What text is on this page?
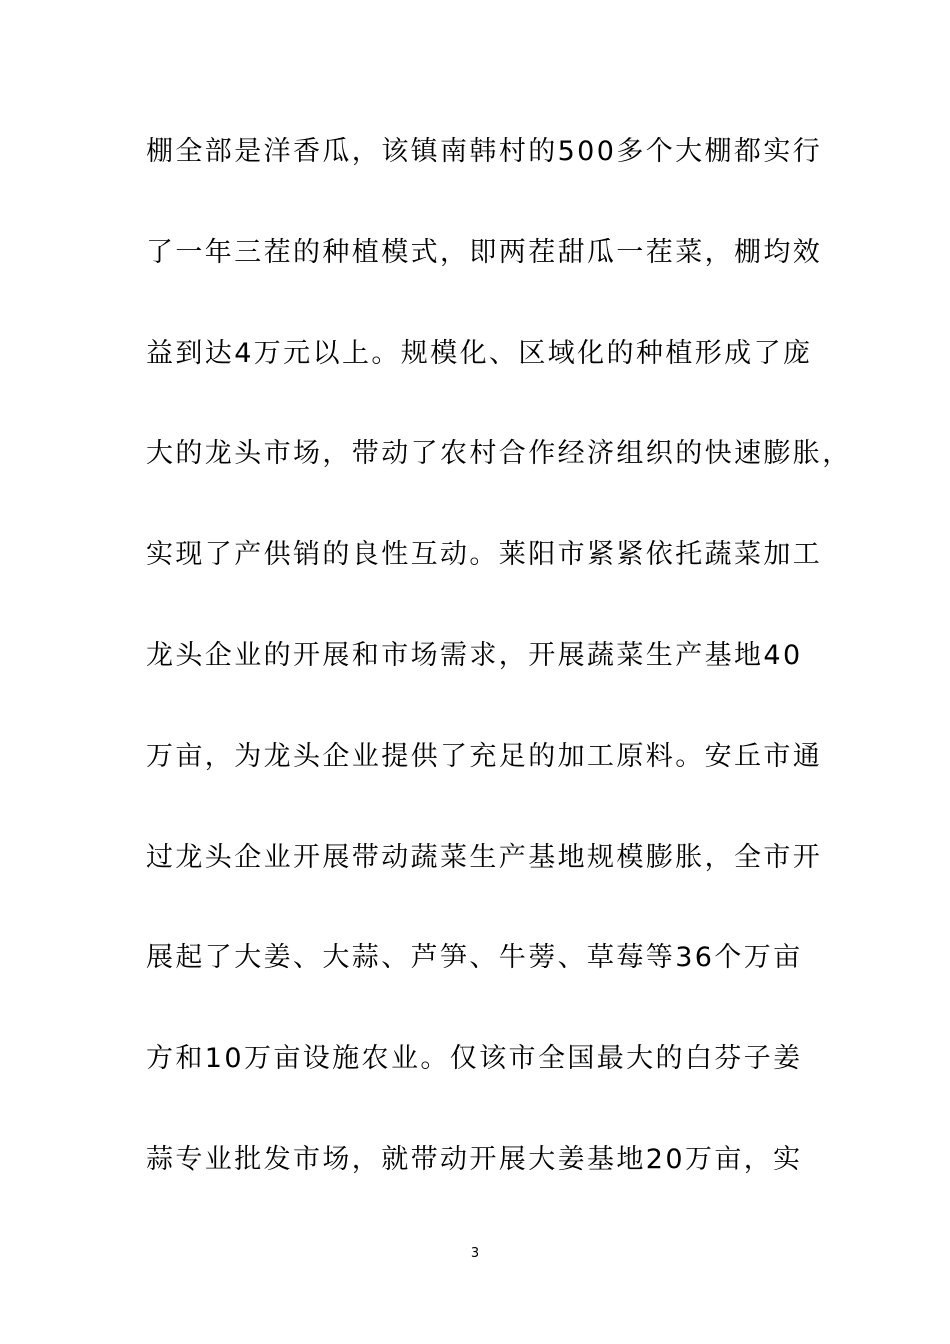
棚全部是洋香瓜，该镇南韩村的500多个大棚都实行
了一年三茬的种植模式，即两茬甜瓜一茬菜，棚均效
益到达4万元以上。规模化、区域化的种植形成了庞
大的龙头市场，带动了农村合作经济组织的快速膨胀，
实现了产供销的良性互动。莱阳市紧紧依托蔬菜加工
龙头企业的开展和市场需求，开展蔬菜生产基地40
万亩，为龙头企业提供了充足的加工原料。安丘市通
过龙头企业开展带动蔬菜生产基地规模膨胀，全市开
展起了大姜、大蒜、芦笋、牛蒡、草莓等36个万亩
方和10万亩设施农业。仅该市全国最大的白芬子姜
蒜专业批发市场，就带动开展大姜基地20万亩，实
3
